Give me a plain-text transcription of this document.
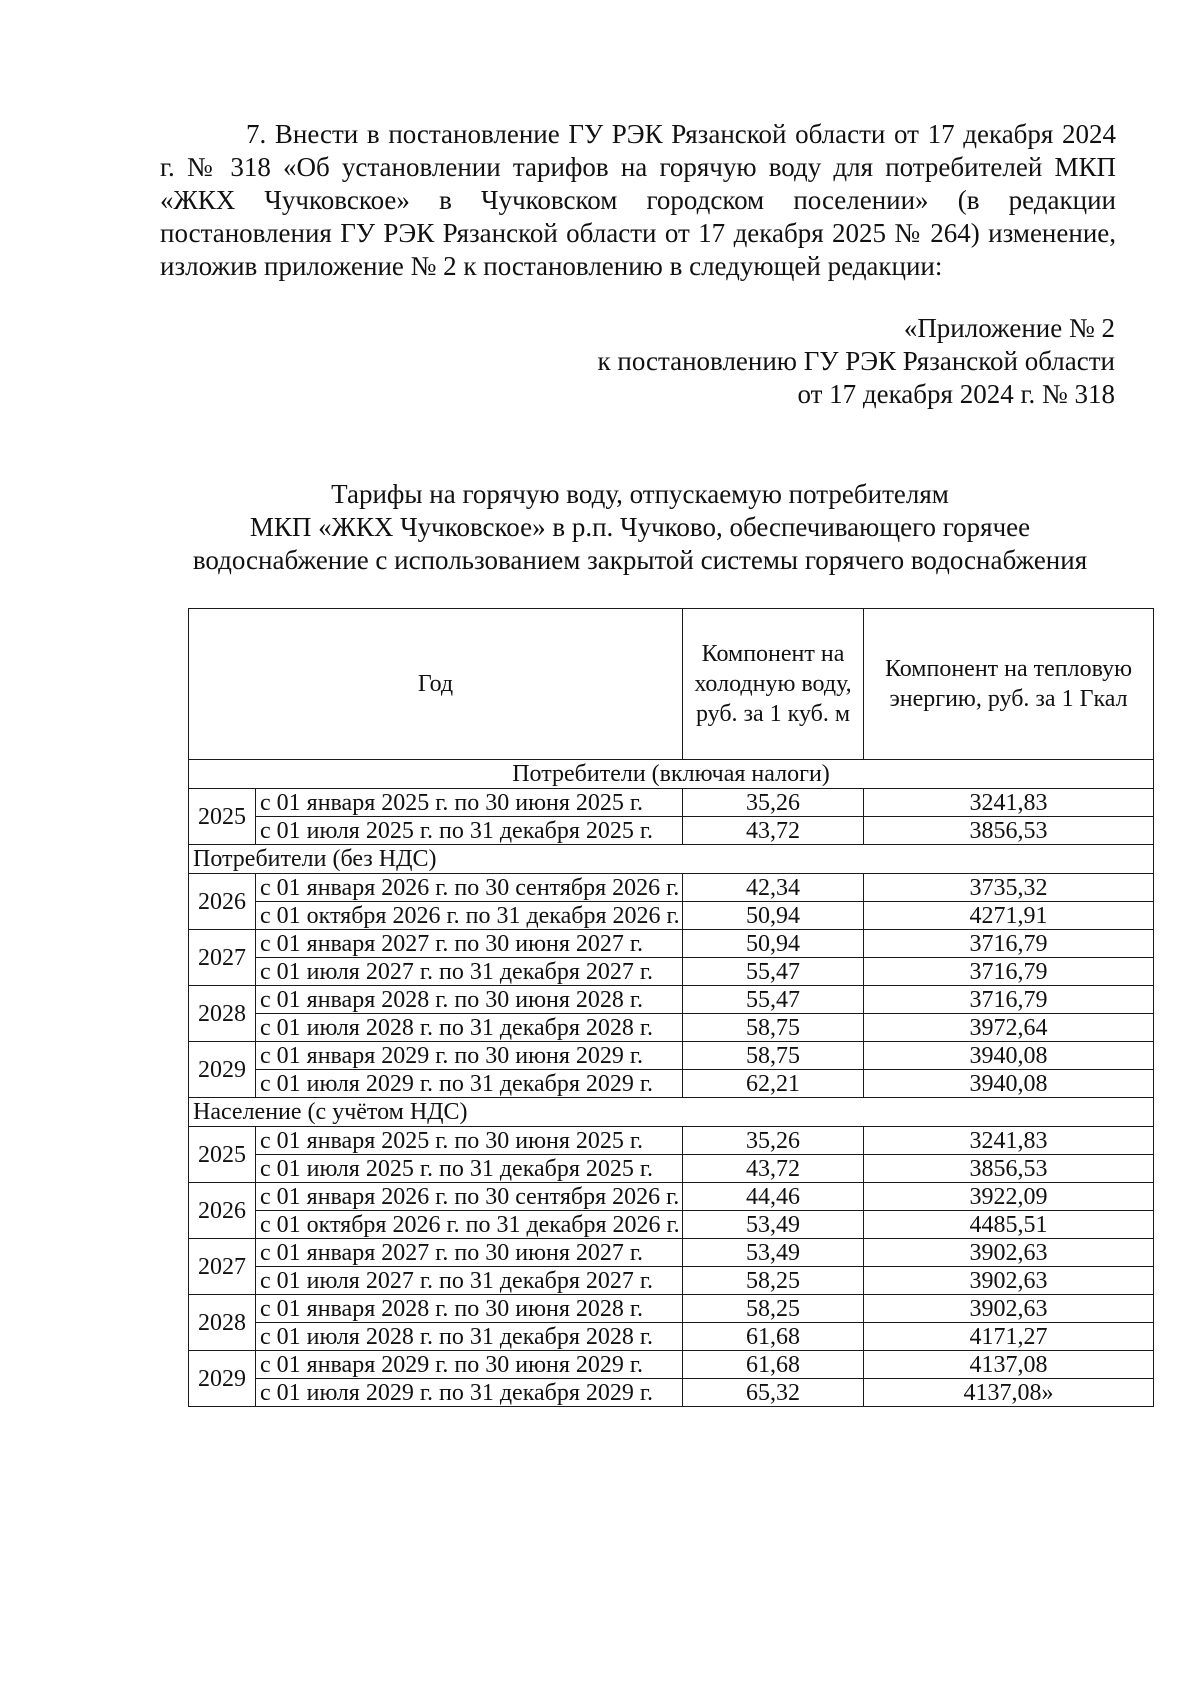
7. Внести в постановление ГУ РЭК Рязанской области от 17 декабря 2024 г. № 318 «Об установлении тарифов на горячую воду для потребителей МКП «ЖКХ Чучковское» в Чучковском городском поселении» (в редакции постановления ГУ РЭК Рязанской области от 17 декабря 2025 № 264) изменение, изложив приложение № 2 к постановлению в следующей редакции:

«Приложение № 2
к постановлению ГУ РЭК Рязанской области
от 17 декабря 2024 г. № 318
Тарифы на горячую воду, отпускаемую потребителям
МКП «ЖКХ Чучковское» в р.п. Чучково, обеспечивающего горячее
водоснабжение с использованием закрытой системы горячего водоснабжения
Год		Компонент на холодную воду, руб. за 1 куб. м	Компонент на тепловую энергию, руб. за 1 Гкал
Потребители (включая налоги)			
2025	с 01 января 2025 г. по 30 июня 2025 г.	35,26	3241,83
	с 01 июля 2025 г. по 31 декабря 2025 г.	43,72	3856,53
Потребители (без НДС)			
2026	с 01 января 2026 г. по 30 сентября 2026 г.	42,34	3735,32
	с 01 октября 2026 г. по 31 декабря 2026 г.	50,94	4271,91
2027	с 01 января 2027 г. по 30 июня 2027 г.	50,94	3716,79
	с 01 июля 2027 г. по 31 декабря 2027 г.	55,47	3716,79
2028	с 01 января 2028 г. по 30 июня 2028 г.	55,47	3716,79
	с 01 июля 2028 г. по 31 декабря 2028 г.	58,75	3972,64
2029	с 01 января 2029 г. по 30 июня 2029 г.	58,75	3940,08
	с 01 июля 2029 г. по 31 декабря 2029 г.	62,21	3940,08
Население (с учётом НДС)			
2025	с 01 января 2025 г. по 30 июня 2025 г.	35,26	3241,83
	с 01 июля 2025 г. по 31 декабря 2025 г.	43,72	3856,53
2026	с 01 января 2026 г. по 30 сентября 2026 г.	44,46	3922,09
	с 01 октября 2026 г. по 31 декабря 2026 г.	53,49	4485,51
2027	с 01 января 2027 г. по 30 июня 2027 г.	53,49	3902,63
	с 01 июля 2027 г. по 31 декабря 2027 г.	58,25	3902,63
2028	с 01 января 2028 г. по 30 июня 2028 г.	58,25	3902,63
	с 01 июля 2028 г. по 31 декабря 2028 г.	61,68	4171,27
2029	с 01 января 2029 г. по 30 июня 2029 г.	61,68	4137,08
	с 01 июля 2029 г. по 31 декабря 2029 г.	65,32	4137,08»
